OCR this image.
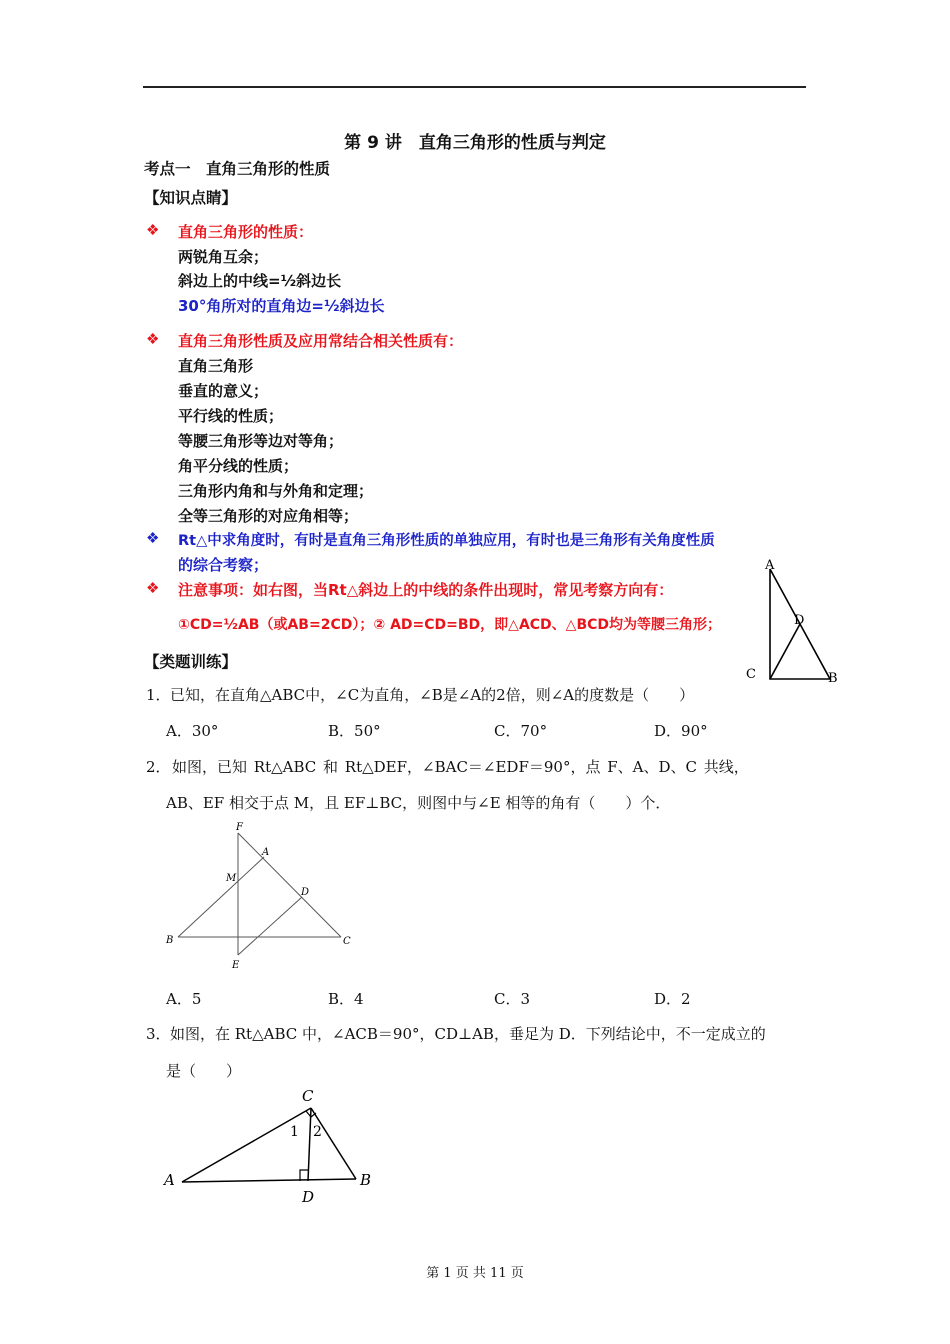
第 9 讲　直角三角形的性质与判定
考点一　直角三角形的性质
【知识点睛】
❖ 直角三角形的性质：
两锐角互余；
斜边上的中线=½斜边长
30°角所对的直角边=½斜边长
❖ 直角三角形性质及应用常结合相关性质有：
直角三角形
垂直的意义；
平行线的性质；
等腰三角形等边对等角；
角平分线的性质；
三角形内角和与外角和定理；
全等三角形的对应角相等；
❖ Rt△中求角度时，有时是直角三角形性质的单独应用，有时也是三角形有关角度性质
的综合考察；
❖ 注意事项：如右图，当Rt△斜边上的中线的条件出现时，常见考察方向有：
①CD=½AB（或AB=2CD）；② AD=CD=BD，即△ACD、△BCD均为等腰三角形；
A
D
C	B
【类题训练】
1． 已知，在直角△ABC中，∠C为直角，∠B是∠A的2倍，则∠A的度数是（　　）
A．30°	B．50°	C．70°	D．90°
2． 如图，已知 Rt△ABC 和 Rt△DEF，∠BAC＝∠EDF＝90°，点 F、A、D、C 共线，
AB、EF 相交于点 M，且 EF⊥BC，则图中与∠E 相等的角有（　　）个．
F
A
M
D
B	C
E
A．5	B．4	C．3	D．2
3． 如图，在 Rt△ABC 中，∠ACB＝90°，CD⊥AB，垂足为 D．下列结论中，不一定成立的
是（　　）
C
A	B
D
1 2
第 1 页 共 11 页
